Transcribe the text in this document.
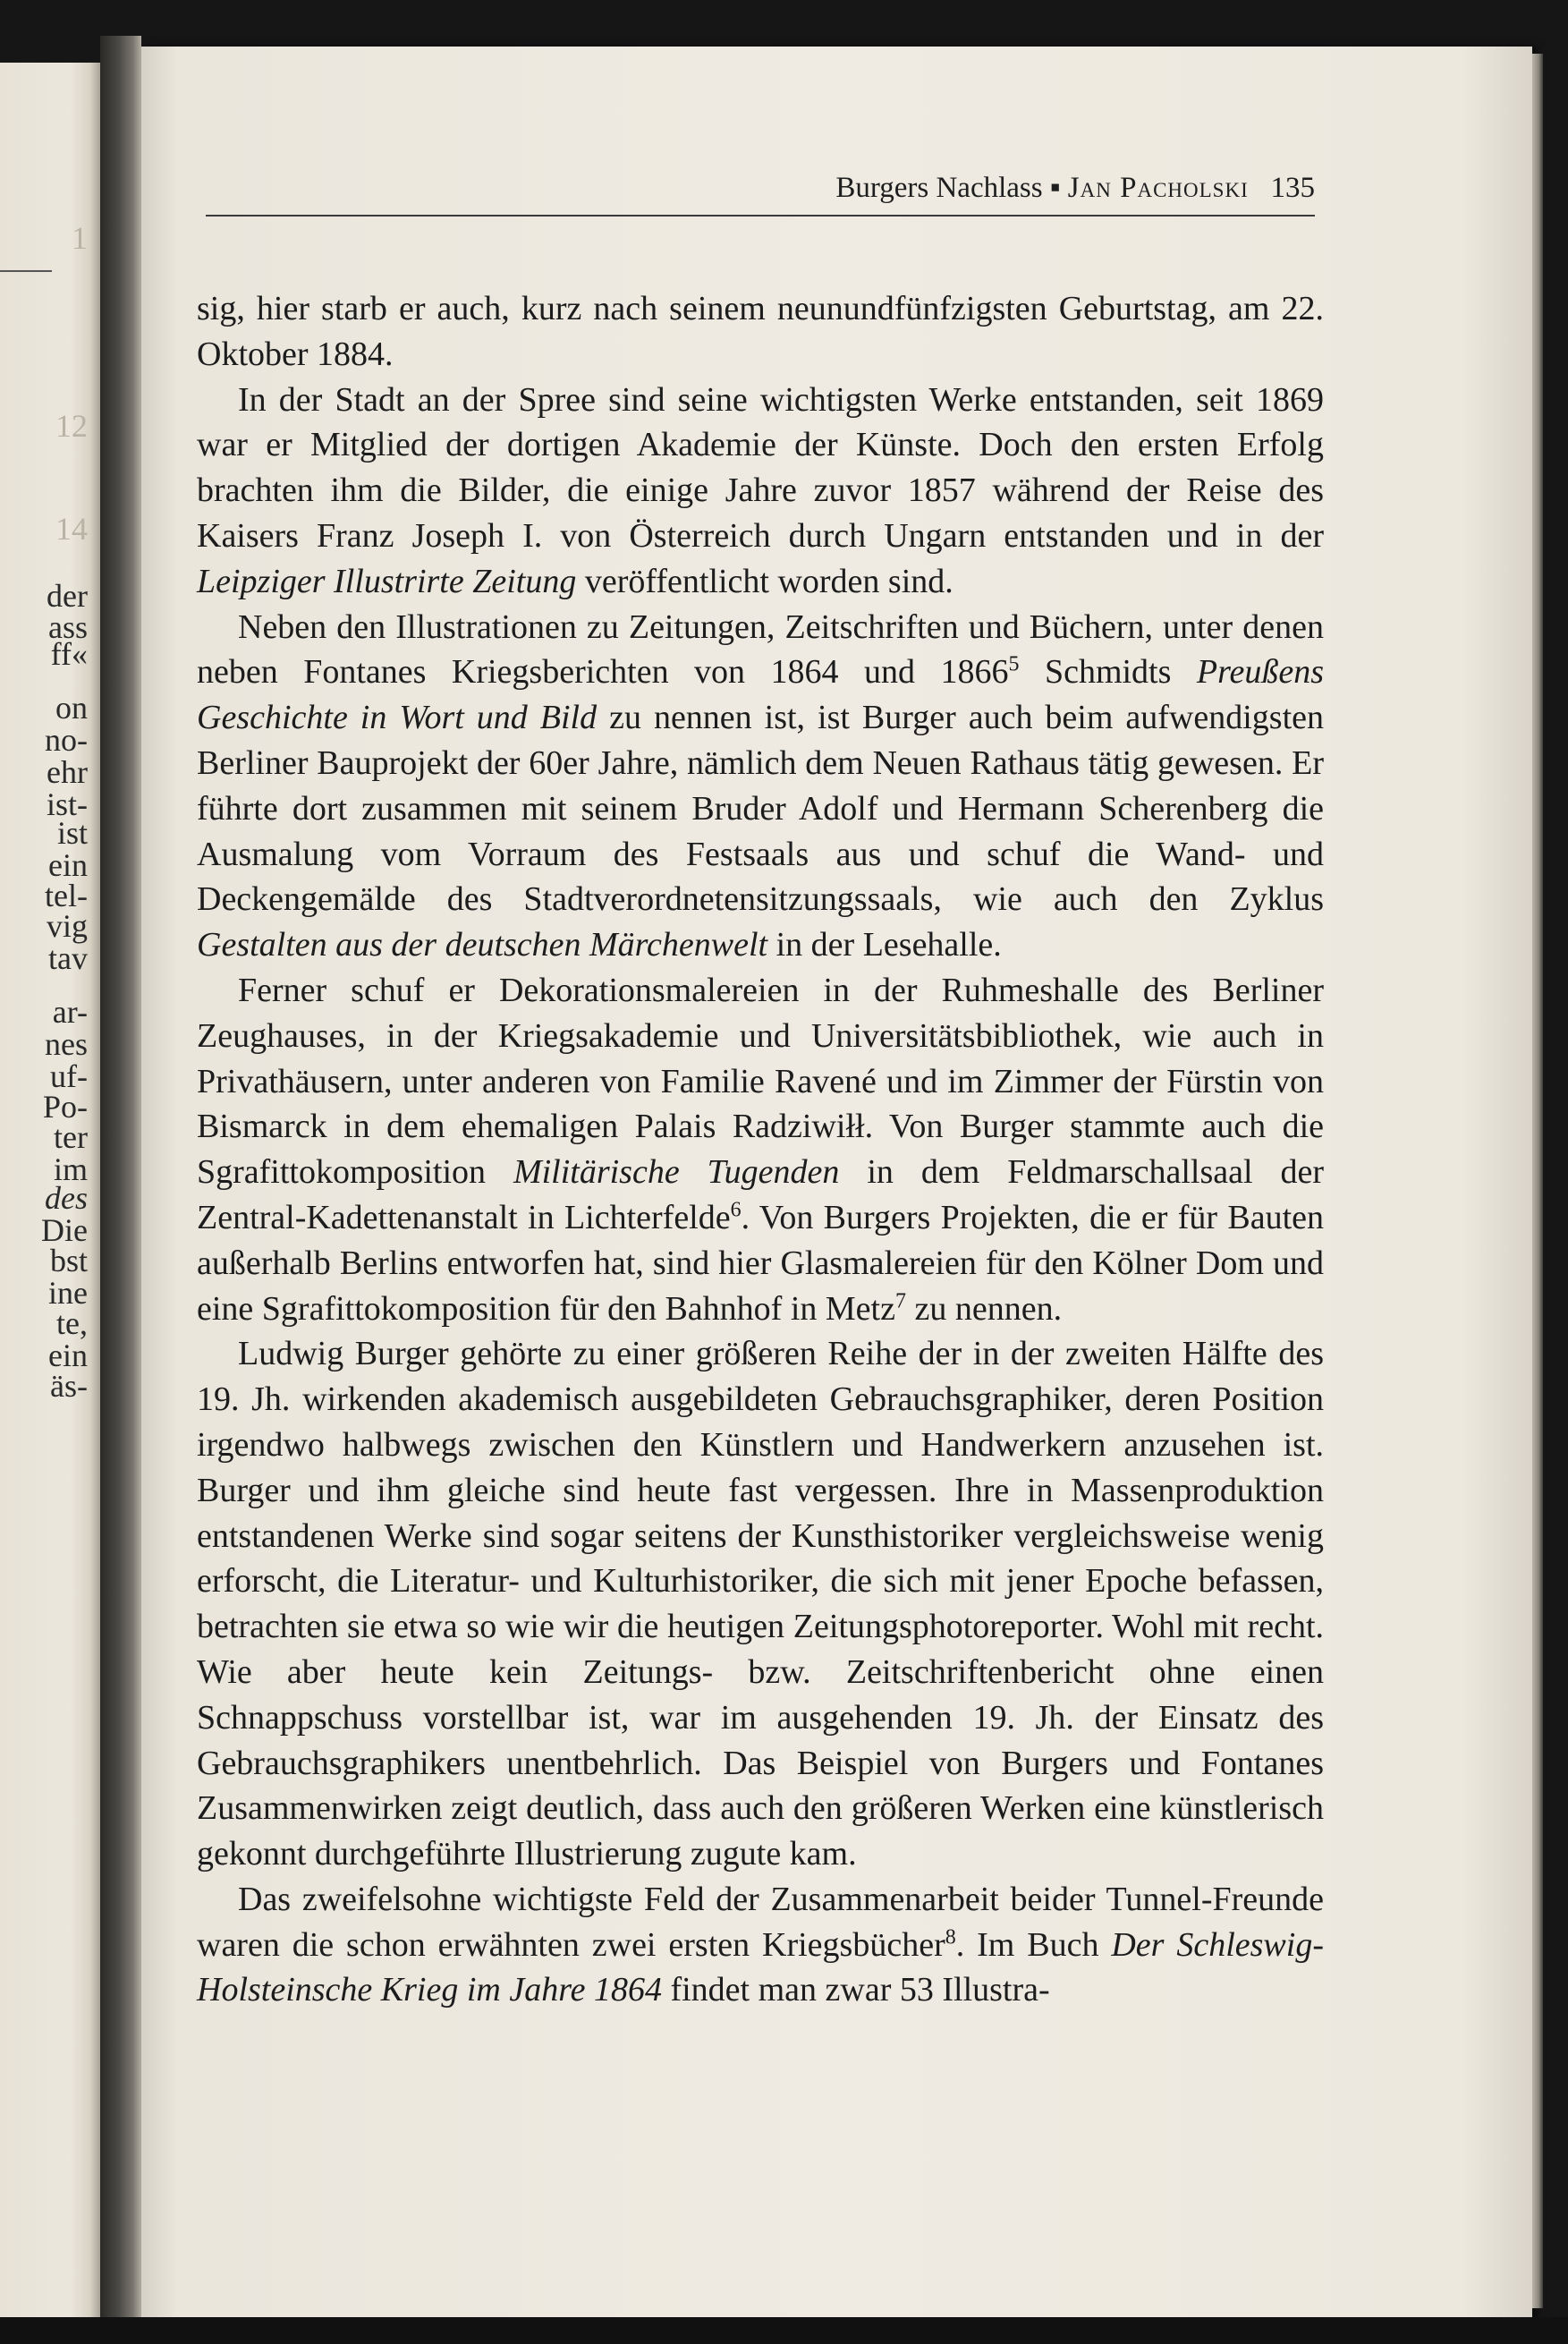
1
12
14
der
ass
ff«
on
no-
ehr
ist-
ist
ein
tel-
vig
tav
ar-
nes
uf-
Po-
ter
im
des
Die
bst
ine
te,
ein
äs-
Burgers Nachlass ▪ Jan Pacholski 135

sig, hier starb er auch, kurz nach seinem neunundfünfzigsten Geburtstag, am 22. Oktober 1884.

In der Stadt an der Spree sind seine wichtigsten Werke entstanden, seit 1869 war er Mitglied der dortigen Akademie der Künste. Doch den ersten Erfolg brachten ihm die Bilder, die einige Jahre zuvor 1857 während der Reise des Kaisers Franz Joseph I. von Österreich durch Ungarn entstanden und in der Leipziger Illustrirte Zeitung veröffentlicht worden sind.

Neben den Illustrationen zu Zeitungen, Zeitschriften und Büchern, unter denen neben Fontanes Kriegsberichten von 1864 und 1866$^5$ Schmidts Preußens Geschichte in Wort und Bild zu nennen ist, ist Burger auch beim aufwendigsten Berliner Bauprojekt der 60er Jahre, nämlich dem Neuen Rathaus tätig gewesen. Er führte dort zusammen mit seinem Bruder Adolf und Hermann Scherenberg die Ausmalung vom Vorraum des Festsaals aus und schuf die Wand- und Deckengemälde des Stadtverordnetensitzungssaals, wie auch den Zyklus Gestalten aus der deutschen Märchenwelt in der Lesehalle.

Ferner schuf er Dekorationsmalereien in der Ruhmeshalle des Berliner Zeughauses, in der Kriegsakademie und Universitätsbibliothek, wie auch in Privathäusern, unter anderen von Familie Ravené und im Zimmer der Fürstin von Bismarck in dem ehemaligen Palais Radziwiłł. Von Burger stammte auch die Sgrafittokomposition Militärische Tugenden in dem Feldmarschallsaal der Zentral-Kadettenanstalt in Lichterfelde$^6$. Von Burgers Projekten, die er für Bauten außerhalb Berlins entworfen hat, sind hier Glasmalereien für den Kölner Dom und eine Sgrafittokomposition für den Bahnhof in Metz$^7$ zu nennen.

Ludwig Burger gehörte zu einer größeren Reihe der in der zweiten Hälfte des 19. Jh. wirkenden akademisch ausgebildeten Gebrauchsgraphiker, deren Position irgendwo halbwegs zwischen den Künstlern und Handwerkern anzusehen ist. Burger und ihm gleiche sind heute fast vergessen. Ihre in Massenproduktion entstandenen Werke sind sogar seitens der Kunsthistoriker vergleichsweise wenig erforscht, die Literatur- und Kulturhistoriker, die sich mit jener Epoche befassen, betrachten sie etwa so wie wir die heutigen Zeitungsphotoreporter. Wohl mit recht. Wie aber heute kein Zeitungs- bzw. Zeitschriftenbericht ohne einen Schnappschuss vorstellbar ist, war im ausgehenden 19. Jh. der Einsatz des Gebrauchsgraphikers unentbehrlich. Das Beispiel von Burgers und Fontanes Zusammenwirken zeigt deutlich, dass auch den größeren Werken eine künstlerisch gekonnt durchgeführte Illustrierung zugute kam.

Das zweifelsohne wichtigste Feld der Zusammenarbeit beider Tunnel-Freunde waren die schon erwähnten zwei ersten Kriegsbücher$^8$. Im Buch Der Schleswig-Holsteinsche Krieg im Jahre 1864 findet man zwar 53 Illustra-
